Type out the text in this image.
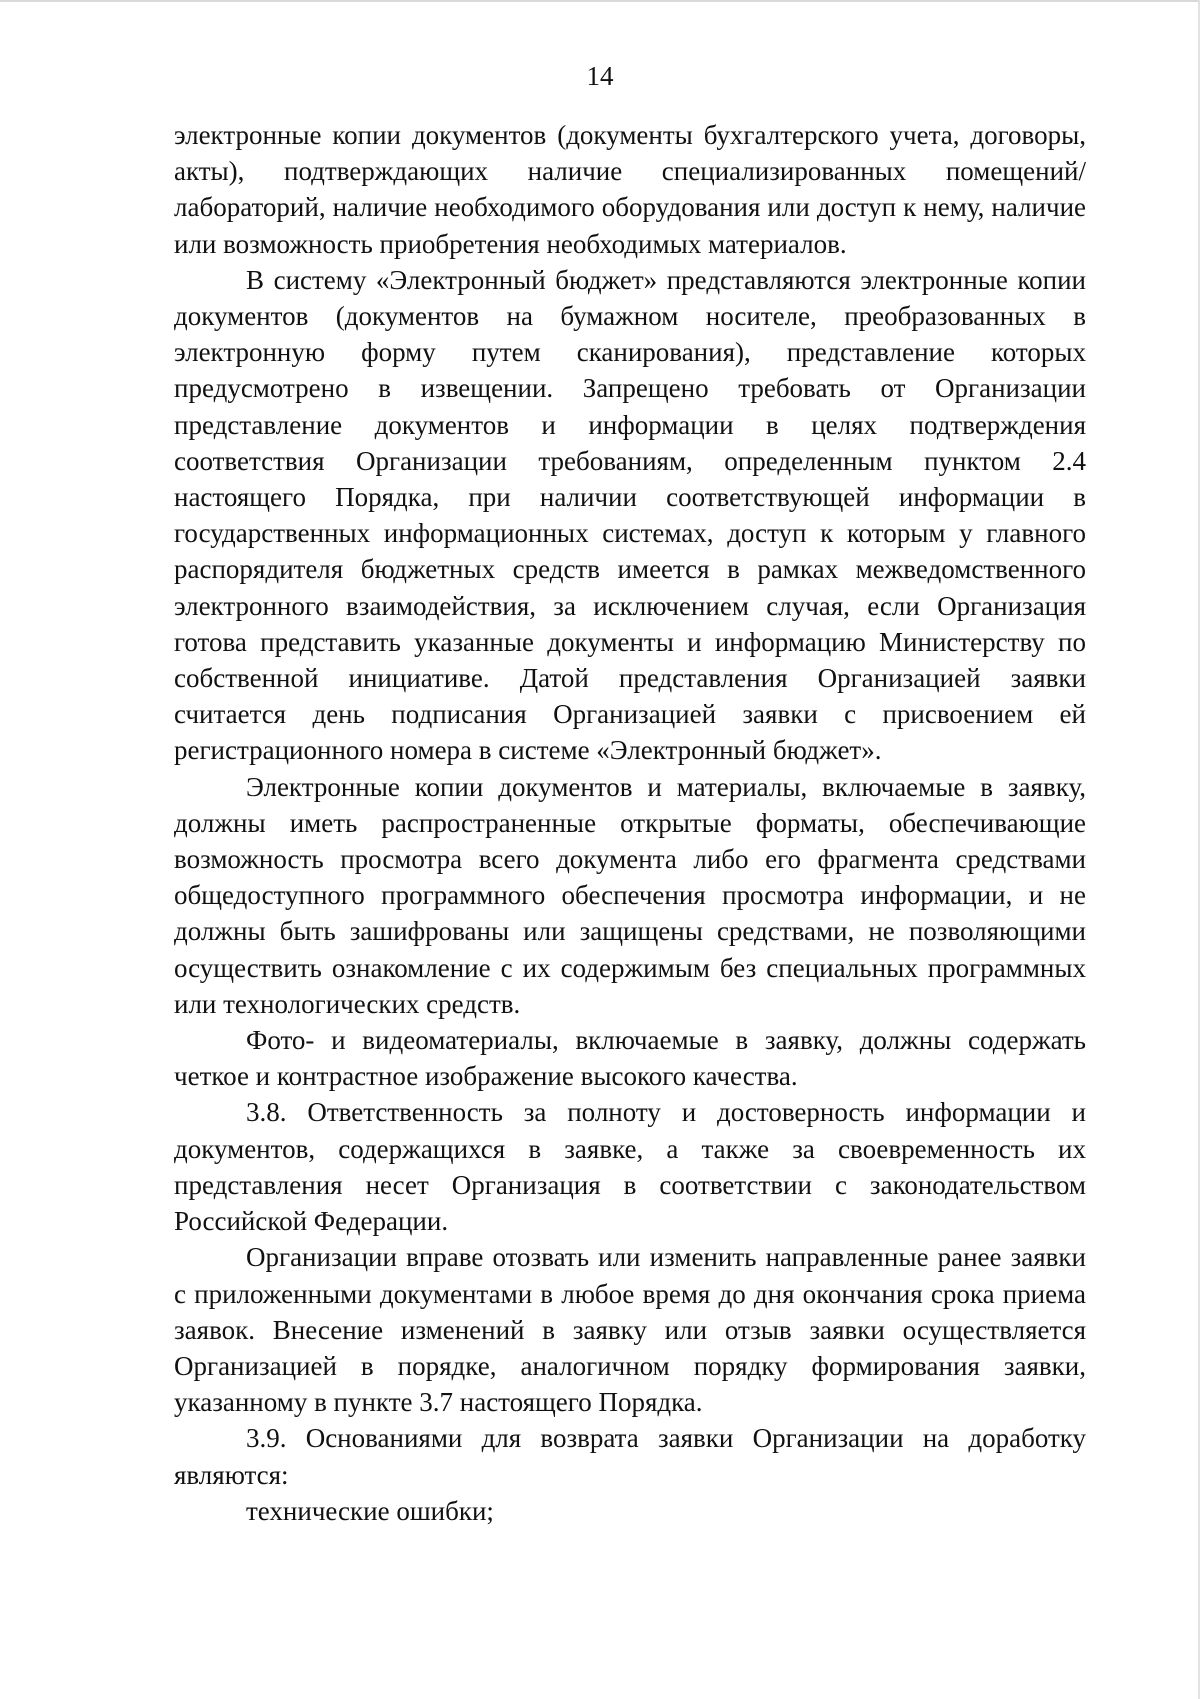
14

электронные копии документов (документы бухгалтерского учета, договоры, акты), подтверждающих наличие специализированных помещений/лабораторий, наличие необходимого оборудования или доступ к нему, наличие или возможность приобретения необходимых материалов.

В систему «Электронный бюджет» представляются электронные копии документов (документов на бумажном носителе, преобразованных в электронную форму путем сканирования), представление которых предусмотрено в извещении. Запрещено требовать от Организации представление документов и информации в целях подтверждения соответствия Организации требованиям, определенным пунктом 2.4 настоящего Порядка, при наличии соответствующей информации в государственных информационных системах, доступ к которым у главного распорядителя бюджетных средств имеется в рамках межведомственного электронного взаимодействия, за исключением случая, если Организация готова представить указанные документы и информацию Министерству по собственной инициативе. Датой представления Организацией заявки считается день подписания Организацией заявки с присвоением ей регистрационного номера в системе «Электронный бюджет».

Электронные копии документов и материалы, включаемые в заявку, должны иметь распространенные открытые форматы, обеспечивающие возможность просмотра всего документа либо его фрагмента средствами общедоступного программного обеспечения просмотра информации, и не должны быть зашифрованы или защищены средствами, не позволяющими осуществить ознакомление с их содержимым без специальных программных или технологических средств.

Фото- и видеоматериалы, включаемые в заявку, должны содержать четкое и контрастное изображение высокого качества.

3.8. Ответственность за полноту и достоверность информации и документов, содержащихся в заявке, а также за своевременность их представления несет Организация в соответствии с законодательством Российской Федерации.

Организации вправе отозвать или изменить направленные ранее заявки с приложенными документами в любое время до дня окончания срока приема заявок. Внесение изменений в заявку или отзыв заявки осуществляется Организацией в порядке, аналогичном порядку формирования заявки, указанному в пункте 3.7 настоящего Порядка.

3.9. Основаниями для возврата заявки Организации на доработку являются:

технические ошибки;
